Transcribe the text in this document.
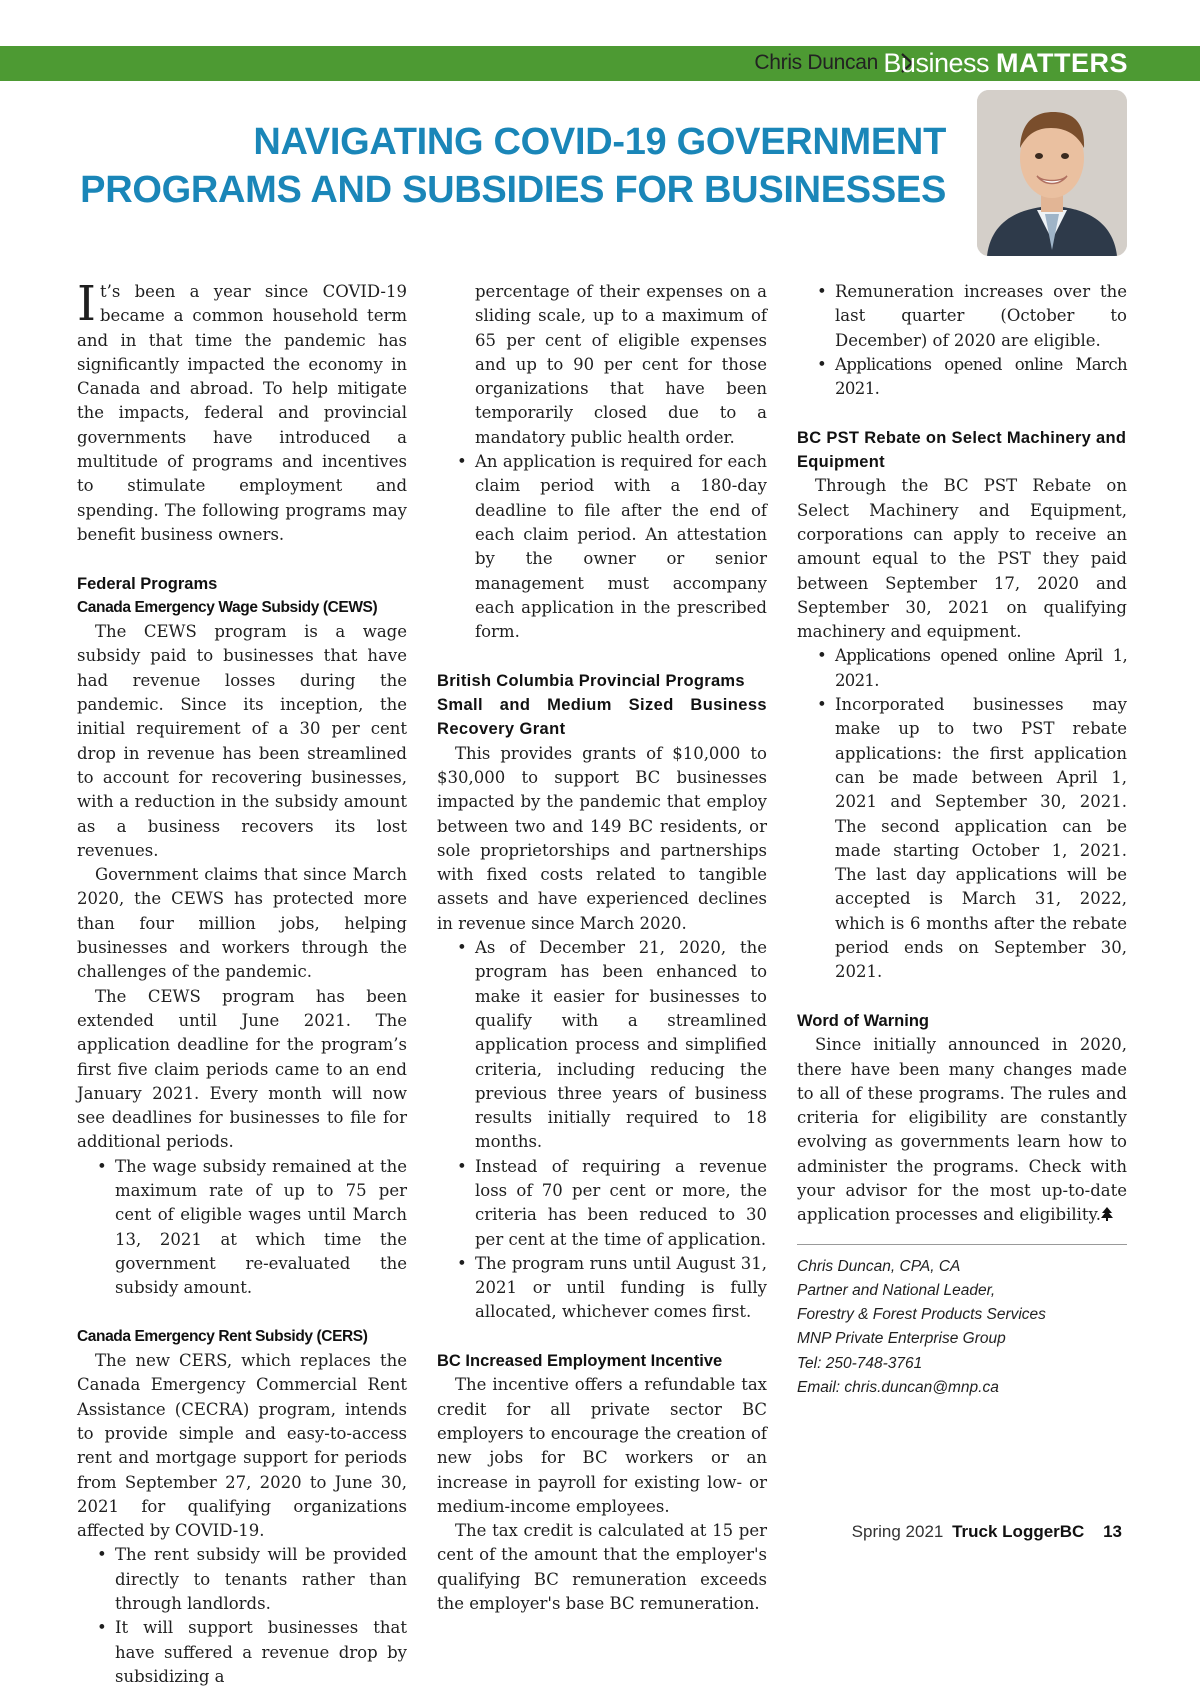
Chris Duncan Business MATTERS
NAVIGATING COVID-19 GOVERNMENT
PROGRAMS AND SUBSIDIES FOR BUSINESSES

It’s been a year since COVID-19 became a common household term and in that time the pandemic has significantly impacted the economy in Canada and abroad. To help mitigate the impacts, federal and provincial governments have introduced a multitude of programs and incentives to stimulate employment and spending. The following programs may benefit business owners.

Federal Programs
Canada Emergency Wage Subsidy (CEWS)

The CEWS program is a wage subsidy paid to businesses that have had revenue losses during the pandemic. Since its inception, the initial requirement of a 30 per cent drop in revenue has been streamlined to account for recovering businesses, with a reduction in the subsidy amount as a business recovers its lost revenues.

Government claims that since March 2020, the CEWS has protected more than four million jobs, helping businesses and workers through the challenges of the pandemic.

The CEWS program has been extended until June 2021. The application deadline for the program’s first five claim periods came to an end January 2021. Every month will now see deadlines for businesses to file for additional periods.

• The wage subsidy remained at the maximum rate of up to 75 per cent of eligible wages until March 13, 2021 at which time the government re-evaluated the subsidy amount.
Canada Emergency Rent Subsidy (CERS)

The new CERS, which replaces the Canada Emergency Commercial Rent Assistance (CECRA) program, intends to provide simple and easy-to-access rent and mortgage support for periods from September 27, 2020 to June 30, 2021 for qualifying organizations affected by COVID-19.

• The rent subsidy will be provided directly to tenants rather than through landlords.
• It will support businesses that have suffered a revenue drop by subsidizing a
percentage of their expenses on a sliding scale, up to a maximum of 65 per cent of eligible expenses and up to 90 per cent for those organizations that have been temporarily closed due to a mandatory public health order.
• An application is required for each claim period with a 180-day deadline to file after the end of each claim period. An attestation by the owner or senior management must accompany each application in the prescribed form.
British Columbia Provincial Programs
Small and Medium Sized Business Recovery Grant

This provides grants of $10,000 to $30,000 to support BC businesses impacted by the pandemic that employ between two and 149 BC residents, or sole proprietorships and partnerships with fixed costs related to tangible assets and have experienced declines in revenue since March 2020.

• As of December 21, 2020, the program has been enhanced to make it easier for businesses to qualify with a streamlined application process and simplified criteria, including reducing the previous three years of business results initially required to 18 months.
• Instead of requiring a revenue loss of 70 per cent or more, the criteria has been reduced to 30 per cent at the time of application.
• The program runs until August 31, 2021 or until funding is fully allocated, whichever comes first.
BC Increased Employment Incentive

The incentive offers a refundable tax credit for all private sector BC employers to encourage the creation of new jobs for BC workers or an increase in payroll for existing low- or medium-income employees.

The tax credit is calculated at 15 per cent of the amount that the employer's qualifying BC remuneration exceeds the employer's base BC remuneration.

• Remuneration increases over the last quarter (October to December) of 2020 are eligible.
• Applications opened online March 2021.
BC PST Rebate on Select Machinery and Equipment

Through the BC PST Rebate on Select Machinery and Equipment, corporations can apply to receive an amount equal to the PST they paid between September 17, 2020 and September 30, 2021 on qualifying machinery and equipment.

• Applications opened online April 1, 2021.
• Incorporated businesses may make up to two PST rebate applications: the first application can be made between April 1, 2021 and September 30, 2021. The second application can be made starting October 1, 2021. The last day applications will be accepted is March 31, 2022, which is 6 months after the rebate period ends on September 30, 2021.
Word of Warning

Since initially announced in 2020, there have been many changes made to all of these programs. The rules and criteria for eligibility are constantly evolving as governments learn how to administer the programs. Check with your advisor for the most up-to-date application processes and eligibility.

Chris Duncan, CPA, CA
Partner and National Leader,
Forestry & Forest Products Services
MNP Private Enterprise Group
Tel: 250-748-3761
Email: chris.duncan@mnp.ca
Spring 2021 Truck LoggerBC 13
